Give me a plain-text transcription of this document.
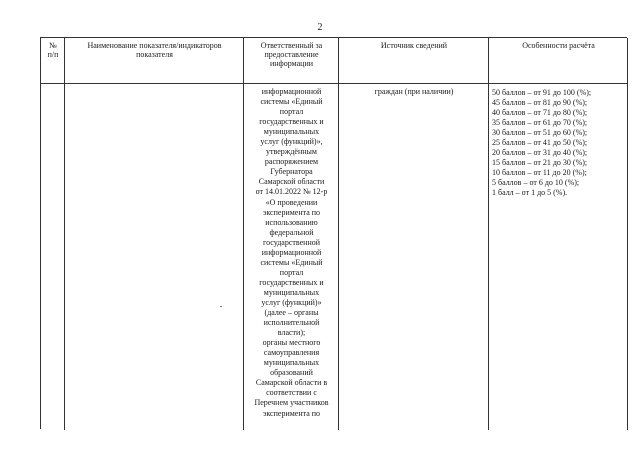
2
№
п/п
Наименование показателя/индикаторов
показателя
Ответственный за
предоставление
информации
Источник сведений	Особенности расчёта
информационной
системы «Единый
портал
государственных и
муниципальных
услуг (функций)»,
утверждённым
распоряжением
Губернатора
Самарской области
от 14.01.2022 № 12-р
«О проведении
эксперимента по
использованию
федеральной
государственной
информационной
системы «Единый
портал
государственных и
муниципальных
услуг (функций)»
(далее – органы
исполнительной
власти);
органы местного
самоуправления
муниципальных
образований
Самарской области в
соответствии с
Перечнем участников
эксперимента по
граждан (при наличии)	50 баллов – от 91 до 100 (%);
45 баллов – от 81 до 90 (%);
40 баллов – от 71 до 80 (%);
35 баллов – от 61 до 70 (%);
30 баллов – от 51 до 60 (%);
25 баллов – от 41 до 50 (%);
20 баллов – от 31 до 40 (%);
15 баллов – от 21 до 30 (%);
10 баллов – от 11 до 20 (%);
5 баллов – от 6 до 10 (%);
1 балл – от 1 до 5 (%).
